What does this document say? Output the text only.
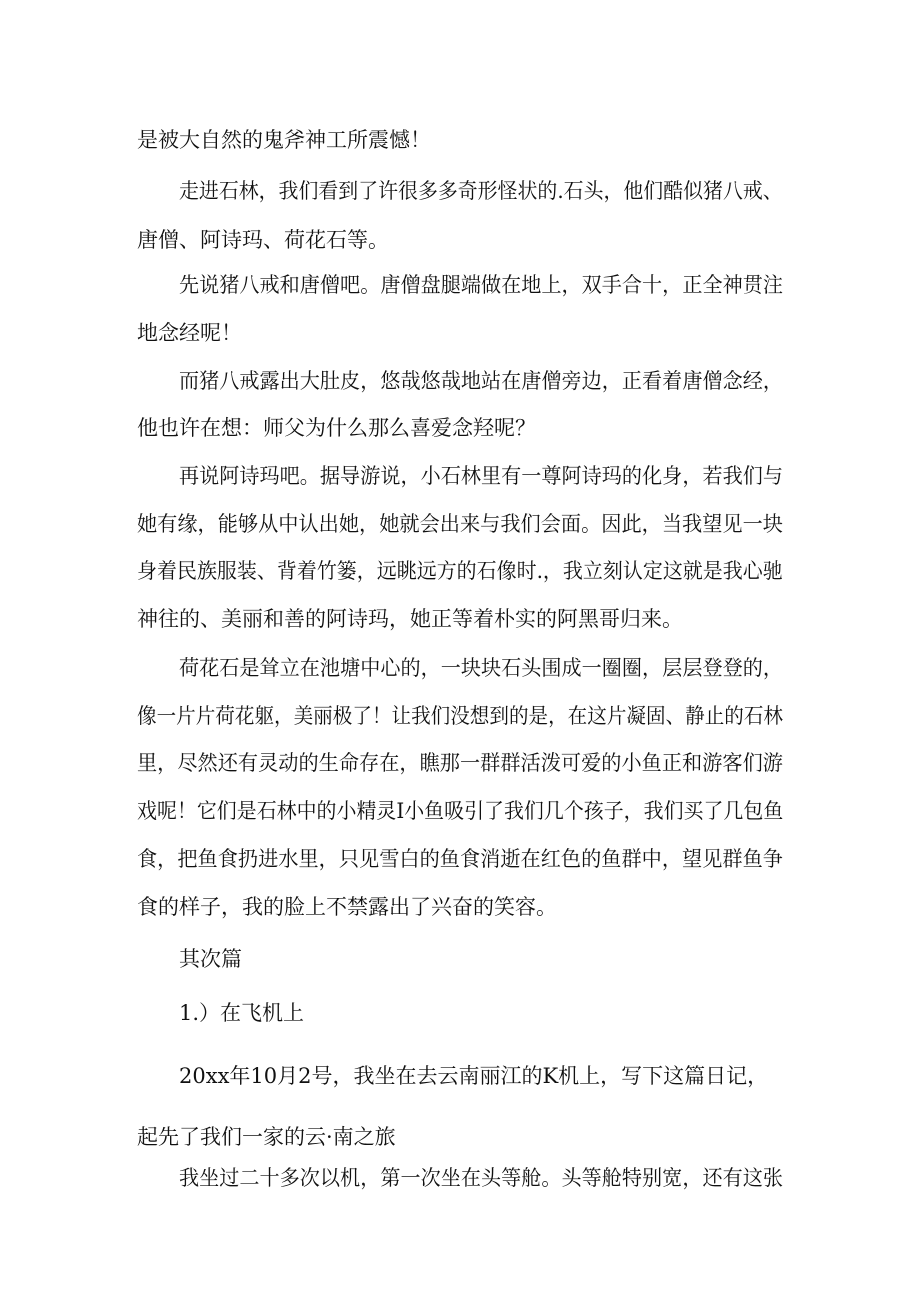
是被大自然的鬼斧神工所震憾！
走进石林，我们看到了许很多多奇形怪状的.石头，他们酷似猪八戒、
唐僧、阿诗玛、荷花石等。
先说猪八戒和唐僧吧。唐僧盘腿端做在地上，双手合十，正全神贯注
地念经呢！
而猪八戒露出大肚皮，悠哉悠哉地站在唐僧旁边，正看着唐僧念经，
他也许在想：师父为什么那么喜爱念羟呢？
再说阿诗玛吧。据导游说，小石林里有一尊阿诗玛的化身，若我们与
她有缘，能够从中认出她，她就会出来与我们会面。因此，当我望见一块
身着民族服装、背着竹篓，远眺远方的石像时.，我立刻认定这就是我心驰
神往的、美丽和善的阿诗玛，她正等着朴实的阿黑哥归来。
荷花石是耸立在池塘中心的，一块块石头围成一圈圈，层层登登的，
像一片片荷花躯，美丽极了！让我们没想到的是，在这片凝固、静止的石林
里，尽然还有灵动的生命存在，瞧那一群群活泼可爱的小鱼正和游客们游
戏呢！它们是石林中的小精灵I小鱼吸引了我们几个孩子，我们买了几包鱼
食，把鱼食扔进水里，只见雪白的鱼食消逝在红色的鱼群中，望见群鱼争
食的样子，我的脸上不禁露出了兴奋的笑容。
其次篇
1.）在飞机上
20xx年10月2号，我坐在去云南丽江的K机上，写下这篇日记，
起先了我们一家的云·南之旅
我坐过二十多次以机，第一次坐在头等舱。头等舱特别宽，还有这张
